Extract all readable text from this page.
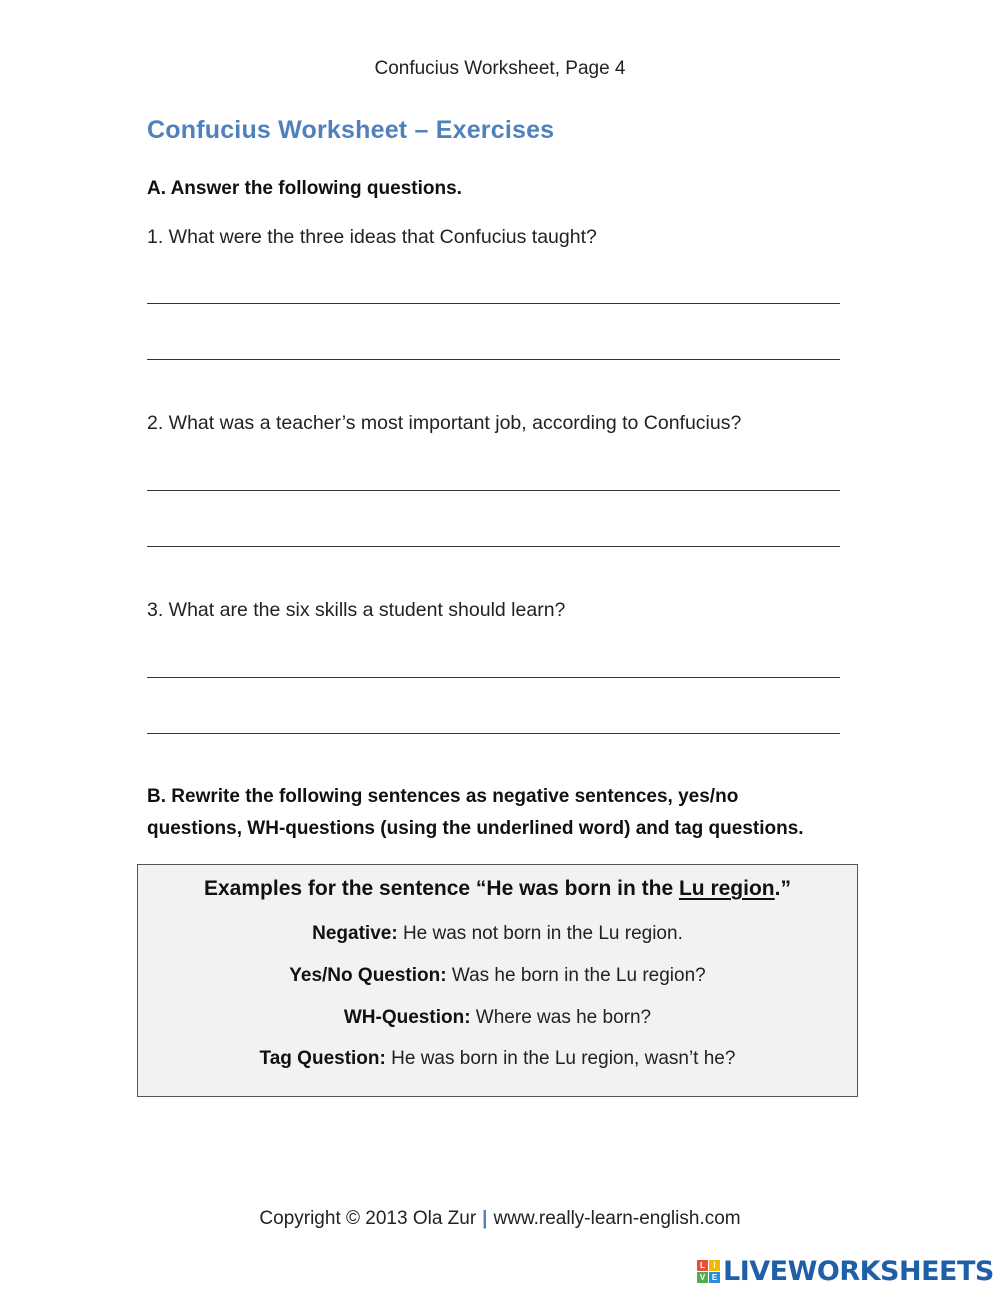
Confucius Worksheet, Page 4
Confucius Worksheet – Exercises
A. Answer the following questions.
1. What were the three ideas that Confucius taught?
2. What was a teacher’s most important job, according to Confucius?
3. What are the six skills a student should learn?
B. Rewrite the following sentences as negative sentences, yes/no
questions, WH-questions (using the underlined word) and tag questions.
Examples for the sentence “He was born in the Lu region.”
Negative: He was not born in the Lu region.
Yes/No Question: Was he born in the Lu region?
WH-Question: Where was he born?
Tag Question: He was born in the Lu region, wasn’t he?
Copyright © 2013 Ola Zur | www.really-learn-english.com
L	I
V E LIVEWORKSHEETS
